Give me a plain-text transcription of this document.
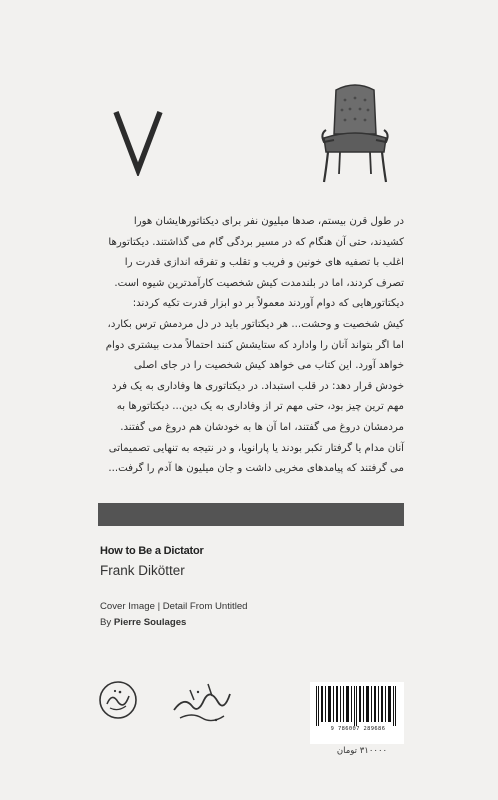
در طول قرن بیستم، صدها میلیون نفر برای دیکتاتورهایشان هورا

کشیدند، حتی آن هنگام که در مسیر بردگی گام می گذاشتند. دیکتاتورها

اغلب با تصفیه های خونین و فریب و تقلب و تفرقه اندازی قدرت را

تصرف کردند، اما در بلندمدت کیش شخصیت کارآمدترین شیوه است.

دیکتاتورهایی که دوام آوردند معمولاً بر دو ابزار قدرت تکیه کردند:

کیش شخصیت و وحشت... هر دیکتاتور باید در دل مردمش ترس بکارد،

اما اگر بتواند آنان را وادارد که ستایشش کنند احتمالاً مدت بیشتری دوام

خواهد آورد. این کتاب می خواهد کیش شخصیت را در جای اصلی

خودش قرار دهد: در قلب استبداد. در دیکتاتوری ها وفاداری به یک فرد

مهم ترین چیز بود، حتی مهم تر از وفاداری به یک دین... دیکتاتورها به

مردمشان دروغ می گفتند، اما آن ها به خودشان هم دروغ می گفتند.

آنان مدام یا گرفتار تکبر بودند یا پارانویا، و در نتیجه به تنهایی تصمیماتی

می گرفتند که پیامدهای مخربی داشت و جان میلیون ها آدم را گرفت...

How to Be a Dictator
Frank Dikötter
Cover Image | Detail From Untitled
By Pierre Soulages
9 786007 289686
۳۱۰۰۰۰ تومان
